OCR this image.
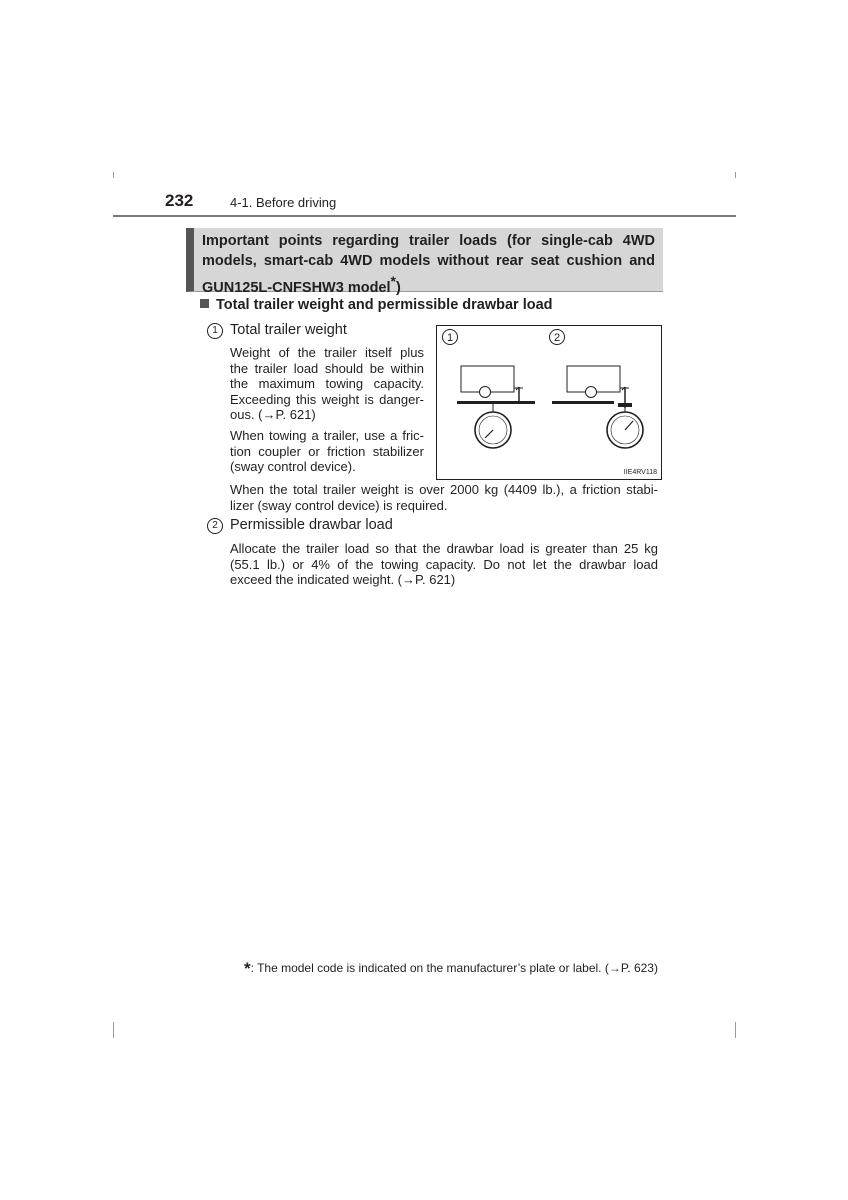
232	4-1. Before driving

Important points regarding trailer loads (for single-cab 4WD

models, smart-cab 4WD models without rear seat cushion and

GUN125L-CNFSHW3 model*)

Total trailer weight and permissible drawbar load
1 Total trailer weight

Weight of the trailer itself plus

the trailer load should be within

the maximum towing capacity.

Exceeding this weight is danger-

ous. (→P. 621)

When towing a trailer, use a fric-

tion coupler or friction stabilizer

(sway control device).

When the total trailer weight is over 2000 kg (4409 lb.), a friction stabi-

lizer (sway control device) is required.

1	2
IIE4RV118
2 Permissible drawbar load

Allocate the trailer load so that the drawbar load is greater than 25 kg

(55.1 lb.) or 4% of the towing capacity. Do not let the drawbar load

exceed the indicated weight. (→P. 621)

*: The model code is indicated on the manufacturer’s plate or label. (→P. 623)
